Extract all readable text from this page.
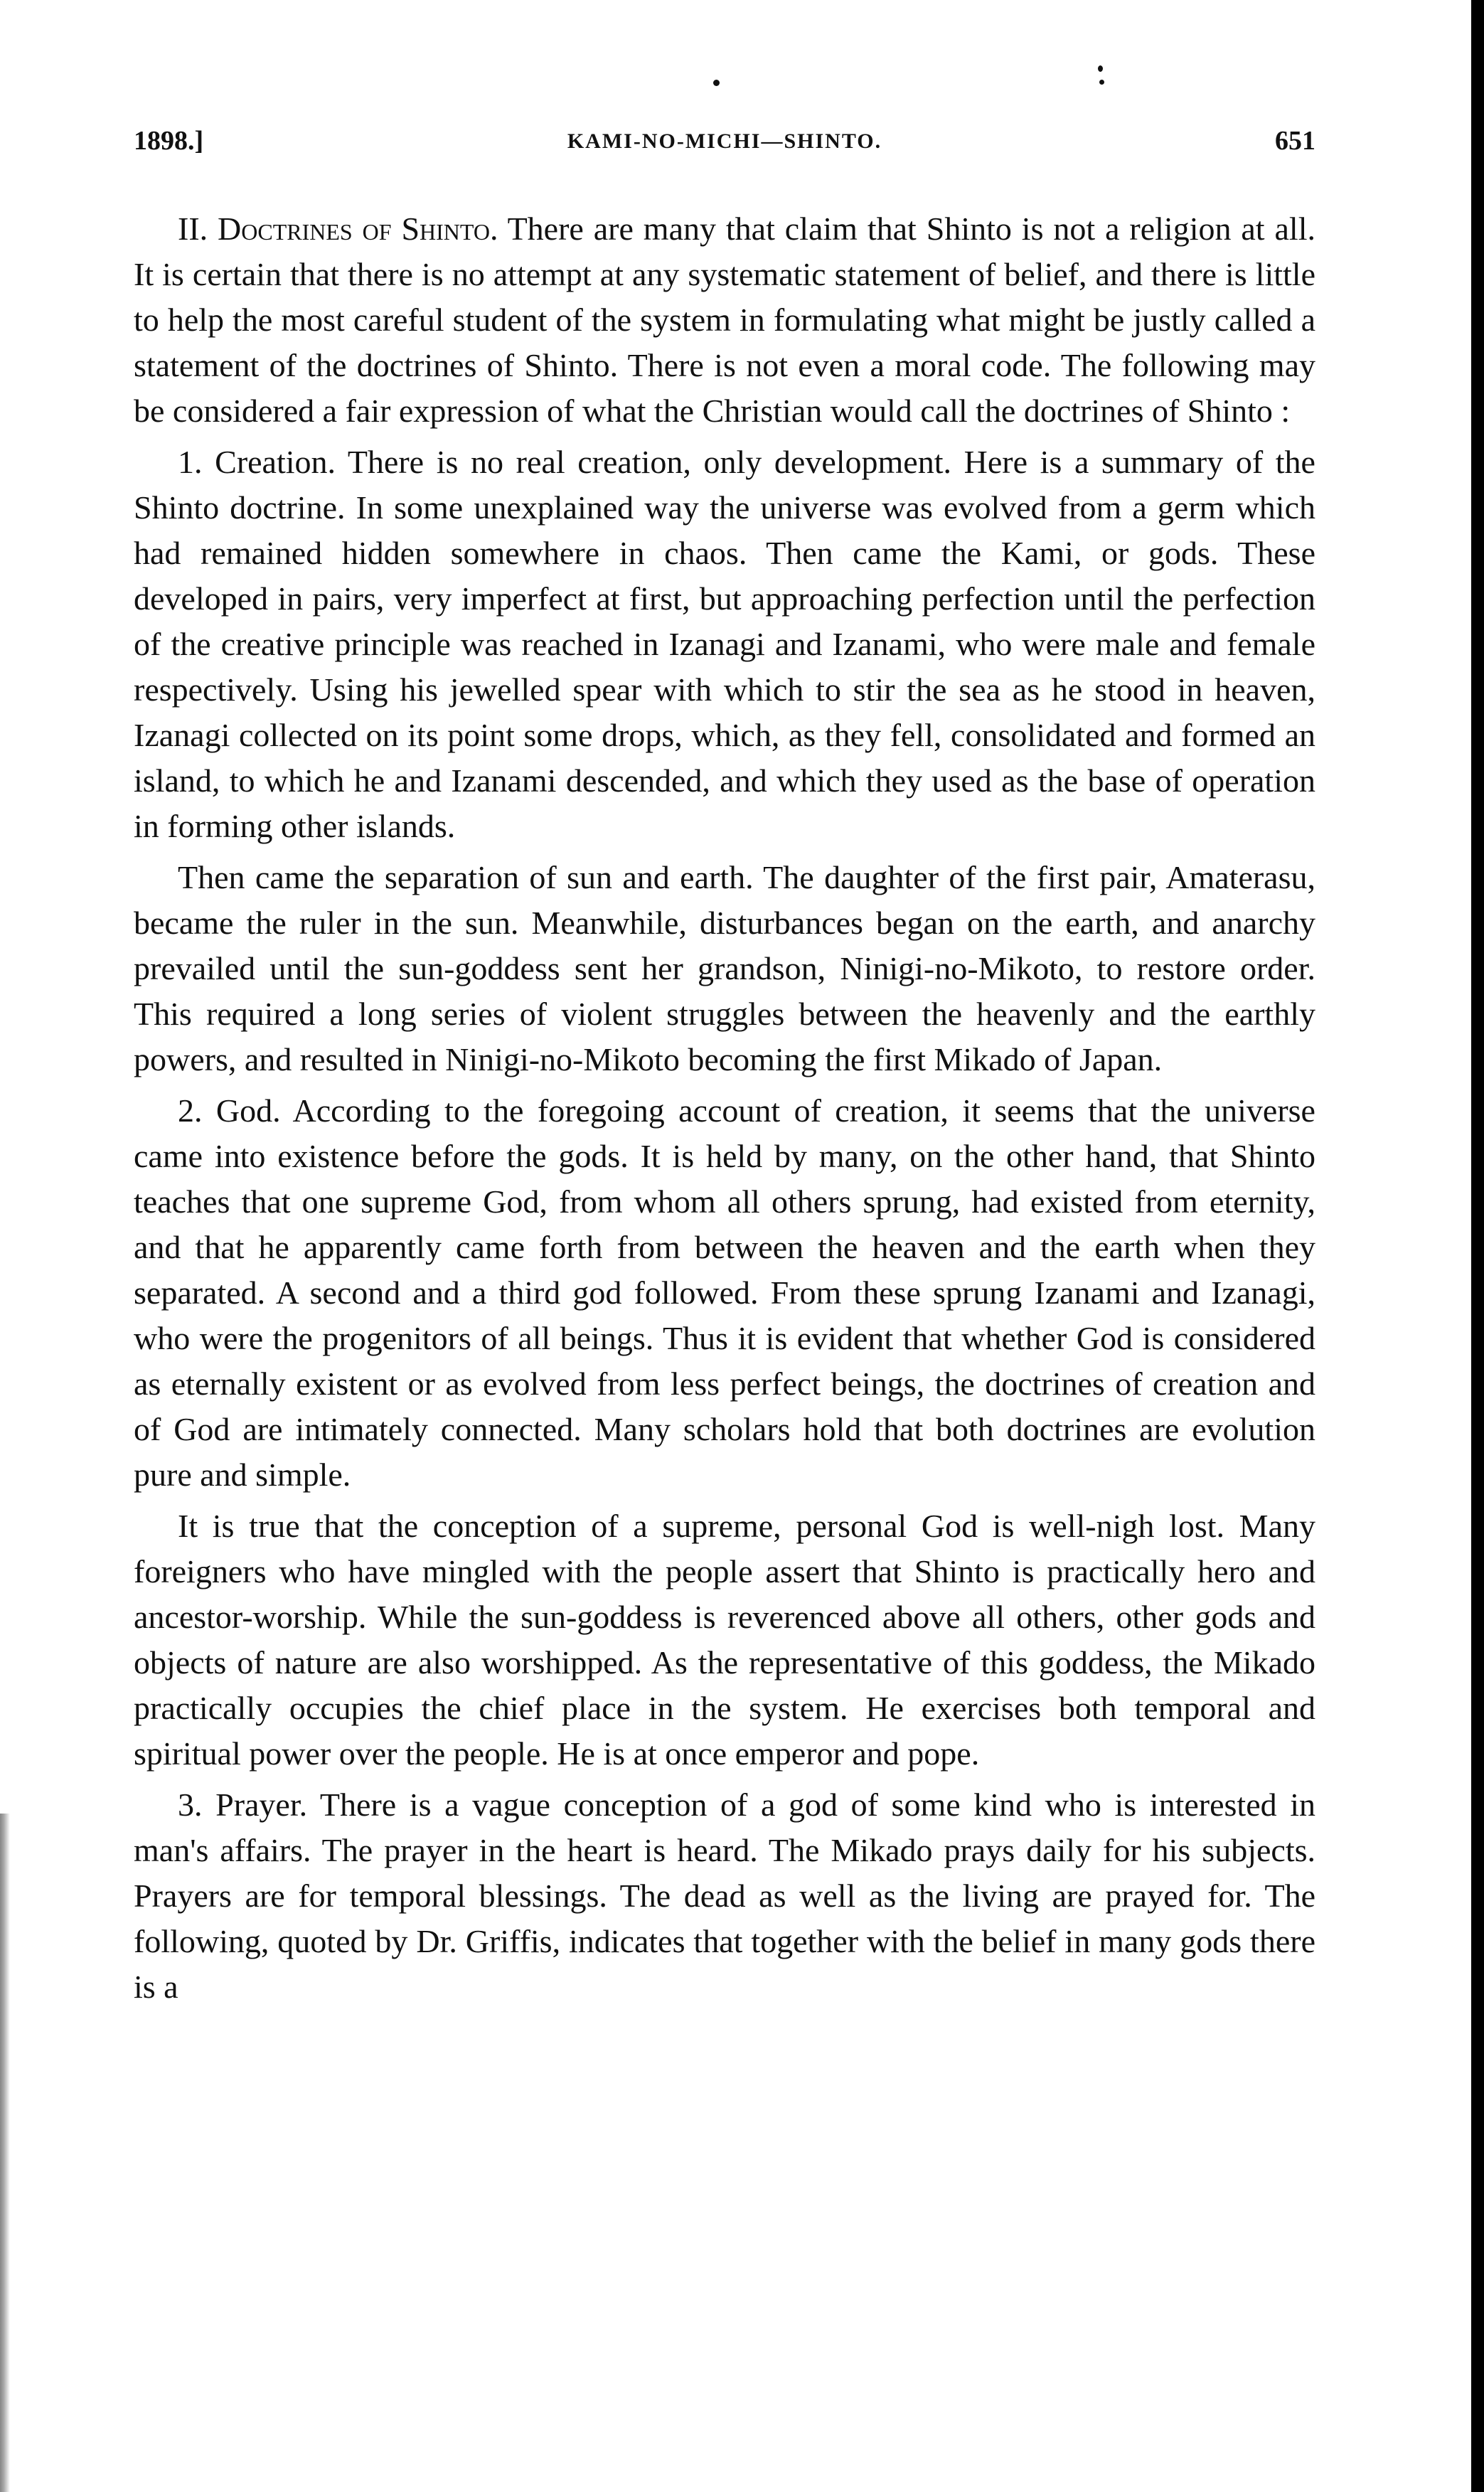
1898.]	KAMI-NO-MICHI—SHINTO.	651

II. Doctrines of Shinto. There are many that claim that Shinto is not a religion at all. It is certain that there is no attempt at any systematic statement of belief, and there is little to help the most careful student of the system in formulating what might be justly called a statement of the doctrines of Shinto. There is not even a moral code. The following may be considered a fair expression of what the Christian would call the doctrines of Shinto :

1. Creation. There is no real creation, only development. Here is a summary of the Shinto doctrine. In some unexplained way the universe was evolved from a germ which had remained hidden somewhere in chaos. Then came the Kami, or gods. These developed in pairs, very imperfect at first, but approaching perfection until the perfection of the creative principle was reached in Izanagi and Izanami, who were male and female respectively. Using his jewelled spear with which to stir the sea as he stood in heaven, Izanagi collected on its point some drops, which, as they fell, consolidated and formed an island, to which he and Izanami descended, and which they used as the base of operation in forming other islands.

Then came the separation of sun and earth. The daughter of the first pair, Amaterasu, became the ruler in the sun. Meanwhile, disturbances began on the earth, and anarchy prevailed until the sun-goddess sent her grandson, Ninigi-no-Mikoto, to restore order. This required a long series of violent struggles between the heavenly and the earthly powers, and resulted in Ninigi-no-Mikoto becoming the first Mikado of Japan.

2. God. According to the foregoing account of creation, it seems that the universe came into existence before the gods. It is held by many, on the other hand, that Shinto teaches that one supreme God, from whom all others sprung, had existed from eternity, and that he apparently came forth from between the heaven and the earth when they separated. A second and a third god followed. From these sprung Izanami and Izanagi, who were the progenitors of all beings. Thus it is evident that whether God is considered as eternally existent or as evolved from less perfect beings, the doctrines of creation and of God are intimately connected. Many scholars hold that both doctrines are evolution pure and simple.

It is true that the conception of a supreme, personal God is well-nigh lost. Many foreigners who have mingled with the people assert that Shinto is practically hero and ancestor-worship. While the sun-goddess is reverenced above all others, other gods and objects of nature are also worshipped. As the representative of this goddess, the Mikado practically occupies the chief place in the system. He exercises both temporal and spiritual power over the people. He is at once emperor and pope.

3. Prayer. There is a vague conception of a god of some kind who is interested in man's affairs. The prayer in the heart is heard. The Mikado prays daily for his subjects. Prayers are for temporal blessings. The dead as well as the living are prayed for. The following, quoted by Dr. Griffis, indicates that together with the belief in many gods there is a
